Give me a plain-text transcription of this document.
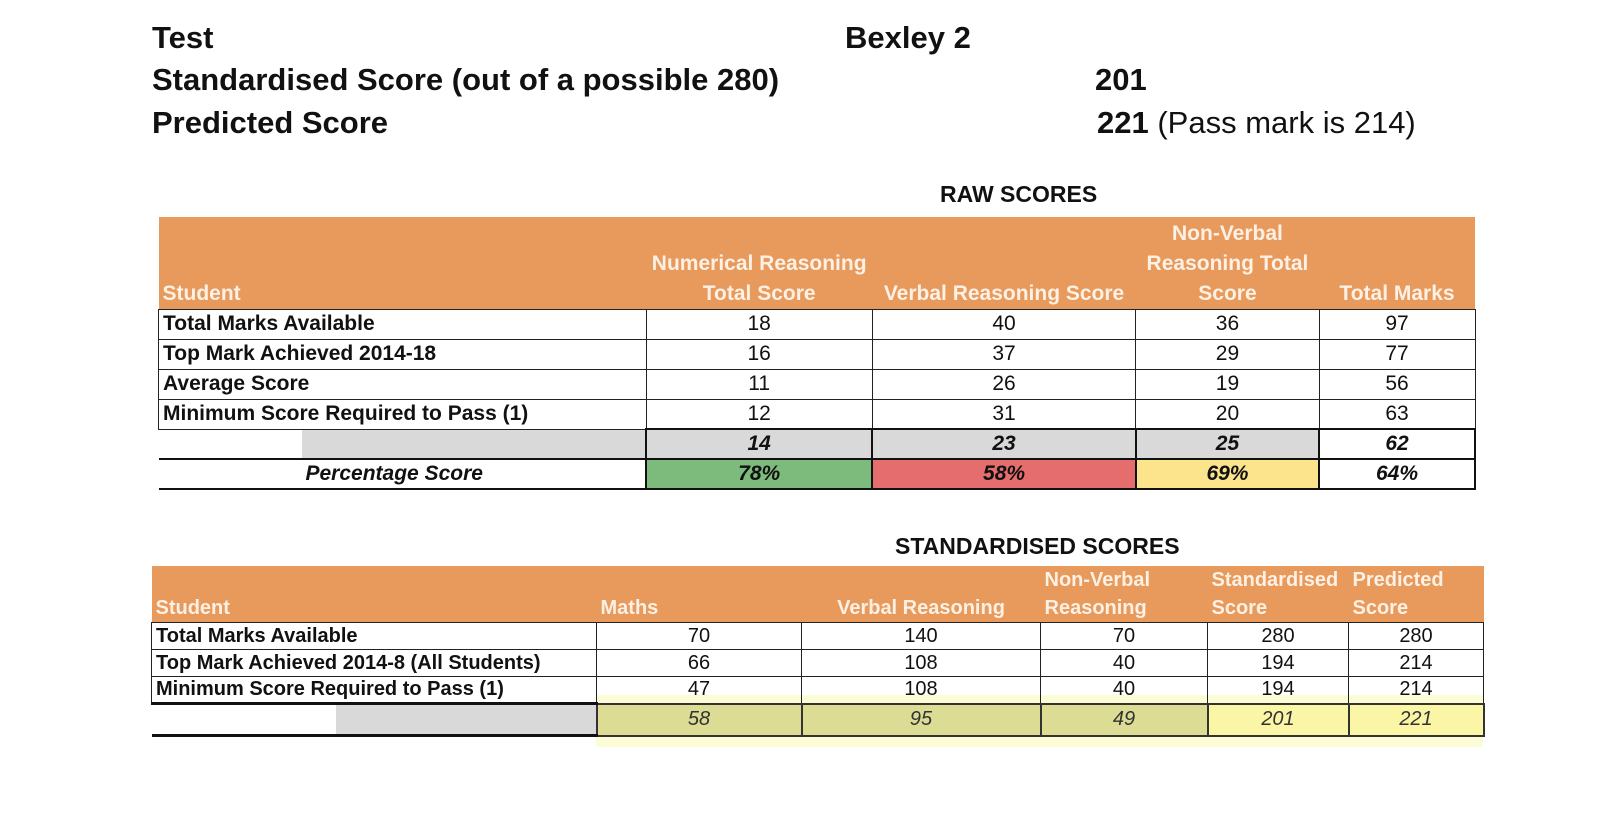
Test	Bexley 2
Standardised Score (out of a possible 280)	201
Predicted Score	221 (Pass mark is 214)
RAW SCORES
Student	Numerical Reasoning Total Score	Verbal Reasoning Score	Non-Verbal Reasoning Total Score	Total Marks
Total Marks Available	18	40	36	97
Top Mark Achieved 2014-18	16	37	29	77
Average Score	11	26	19	56
Minimum Score Required to Pass (1)	12	31	20	63
	14	23	25	62
Percentage Score	78%	58%	69%	64%
STANDARDISED SCORES
Student	Maths	Verbal Reasoning	Non-Verbal Reasoning	Standardised Score	Predicted Score
Total Marks Available	70	140	70	280	280
Top Mark Achieved 2014-8 (All Students)	66	108	40	194	214
Minimum Score Required to Pass (1)	47	108	40	194	214
	58	95	49	201	221
